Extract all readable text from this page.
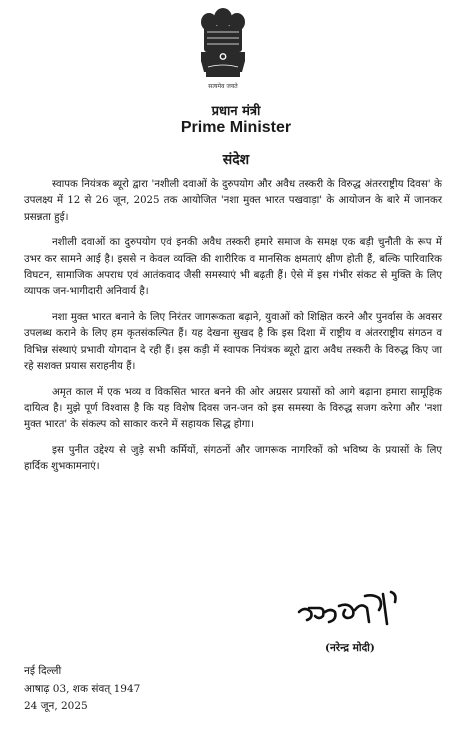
सत्यमेव जयते
प्रधान मंत्री
Prime Minister
संदेश

स्वापक नियंत्रक ब्यूरो द्वारा 'नशीली दवाओं के दुरुपयोग और अवैध तस्करी के विरुद्ध अंतरराष्ट्रीय दिवस' के उपलक्ष्य में 12 से 26 जून, 2025 तक आयोजित 'नशा मुक्त भारत पखवाड़ा' के आयोजन के बारे में जानकर प्रसन्नता हुई।

नशीली दवाओं का दुरुपयोग एवं इनकी अवैध तस्करी हमारे समाज के समक्ष एक बड़ी चुनौती के रूप में उभर कर सामने आई है। इससे न केवल व्यक्ति की शारीरिक व मानसिक क्षमताएं क्षीण होती हैं, बल्कि पारिवारिक विघटन, सामाजिक अपराध एवं आतंकवाद जैसी समस्याएं भी बढ़ती हैं। ऐसे में इस गंभीर संकट से मुक्ति के लिए व्यापक जन-भागीदारी अनिवार्य है।

नशा मुक्त भारत बनाने के लिए निरंतर जागरूकता बढ़ाने, युवाओं को शिक्षित करने और पुनर्वास के अवसर उपलब्ध कराने के लिए हम कृतसंकल्पित हैं। यह देखना सुखद है कि इस दिशा में राष्ट्रीय व अंतरराष्ट्रीय संगठन व विभिन्न संस्थाएं प्रभावी योगदान दे रही हैं। इस कड़ी में स्वापक नियंत्रक ब्यूरो द्वारा अवैध तस्करी के विरुद्ध किए जा रहे सशक्त प्रयास सराहनीय हैं।

अमृत काल में एक भव्य व विकसित भारत बनने की ओर अग्रसर प्रयासों को आगे बढ़ाना हमारा सामूहिक दायित्व है। मुझे पूर्ण विश्वास है कि यह विशेष दिवस जन-जन को इस समस्या के विरुद्ध सजग करेगा और 'नशा मुक्त भारत' के संकल्प को साकार करने में सहायक सिद्ध होगा।

इस पुनीत उद्देश्य से जुड़े सभी कर्मियों, संगठनों और जागरूक नागरिकों को भविष्य के प्रयासों के लिए हार्दिक शुभकामनाएं।

(नरेन्द्र मोदी)
नई दिल्ली
आषाढ़ 03, शक संवत् 1947
24 जून, 2025
